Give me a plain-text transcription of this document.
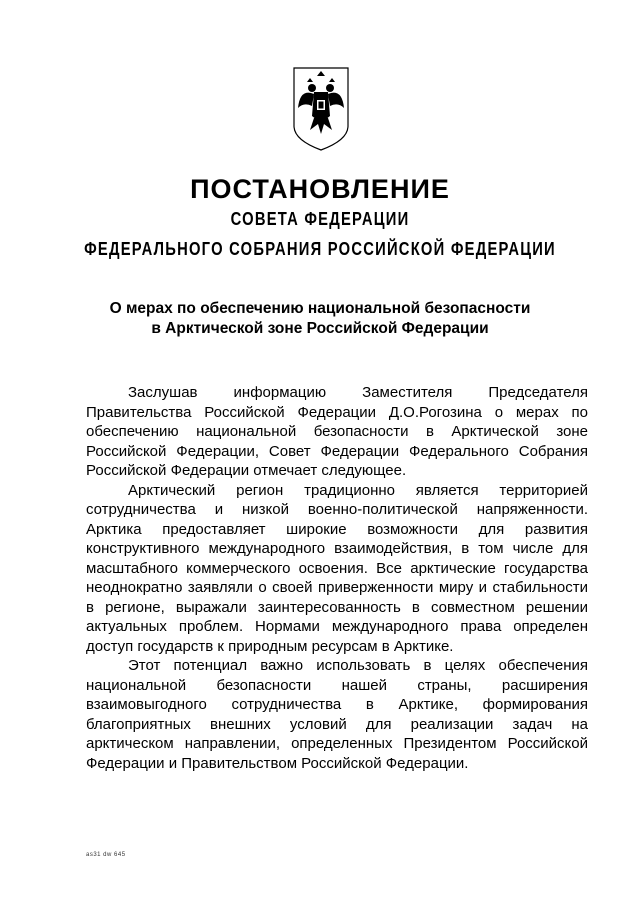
ПОСТАНОВЛЕНИЕ
СОВЕТА ФЕДЕРАЦИИ
ФЕДЕРАЛЬНОГО СОБРАНИЯ РОССИЙСКОЙ ФЕДЕРАЦИИ
О мерах по обеспечению национальной безопасности
в Арктической зоне Российской Федерации

Заслушав информацию Заместителя Председателя Правительства Российской Федерации Д.О.Рогозина о мерах по обеспечению национальной безопасности в Арктической зоне Российской Федерации, Совет Федерации Федерального Собрания Российской Федерации отмечает следующее.

Арктический регион традиционно является территорией сотрудничества и низкой военно-политической напряженности. Арктика предоставляет широкие возможности для развития конструктивного международного взаимодействия, в том числе для масштабного коммерческого освоения. Все арктические государства неоднократно заявляли о своей приверженности миру и стабильности в регионе, выражали заинтересованность в совместном решении актуальных проблем. Нормами международного права определен доступ государств к природным ресурсам в Арктике.

Этот потенциал важно использовать в целях обеспечения национальной безопасности нашей страны, расширения взаимовыгодного сотрудничества в Арктике, формирования благоприятных внешних условий для реализации задач на арктическом направлении, определенных Президентом Российской Федерации и Правительством Российской Федерации.

as31 dw 645
